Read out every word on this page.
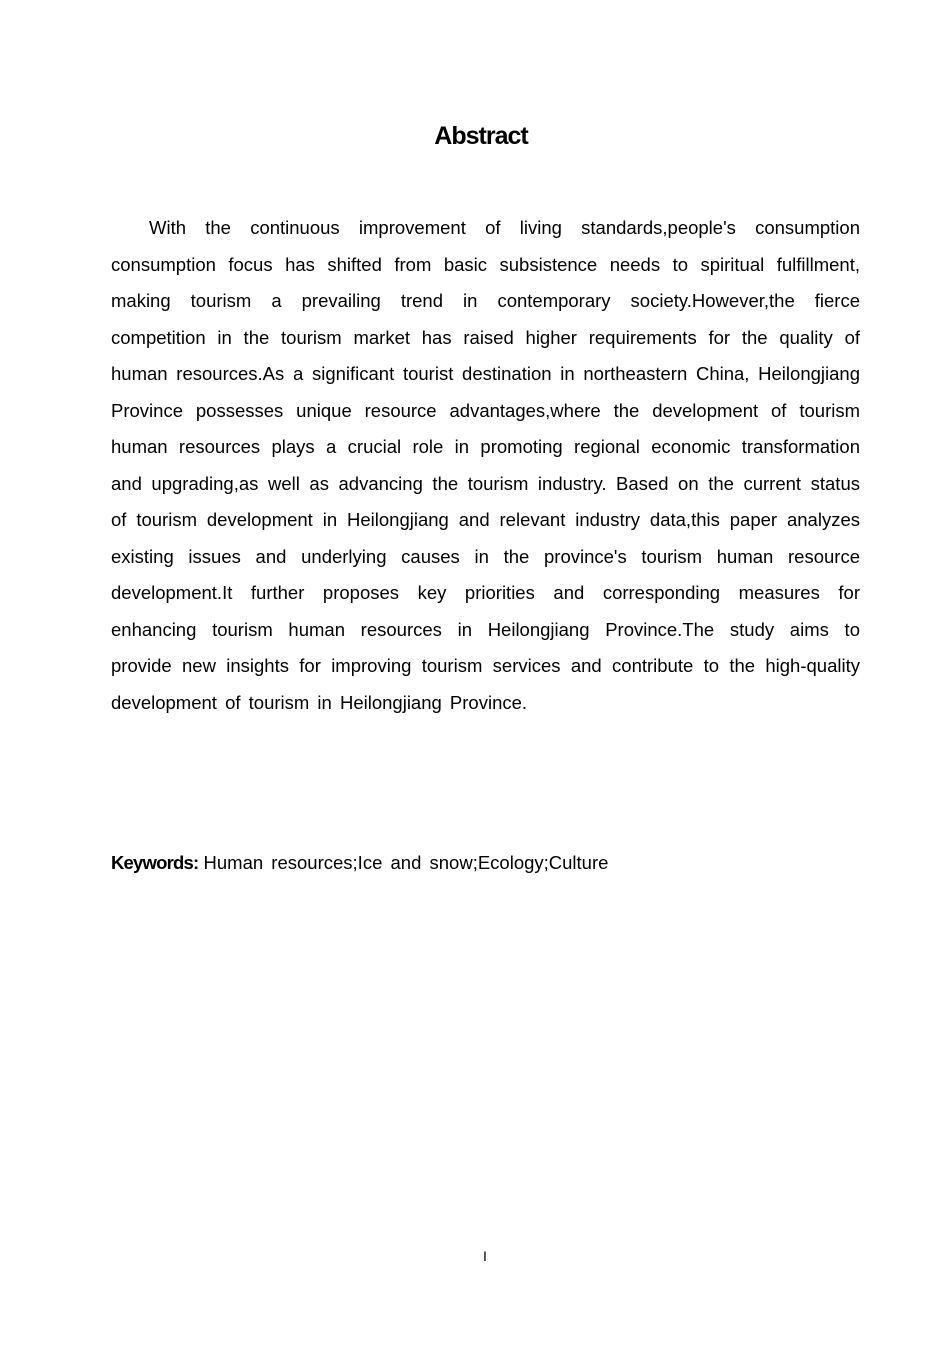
Abstract

With the continuous improvement of living standards,people's consumption consumption focus has shifted from basic subsistence needs to spiritual fulfillment, making tourism a prevailing trend in contemporary society.However,the fierce competition in the tourism market has raised higher requirements for the quality of human resources.As a significant tourist destination in northeastern China, Heilongjiang Province possesses unique resource advantages,where the development of tourism human resources plays a crucial role in promoting regional economic transformation and upgrading,as well as advancing the tourism industry. Based on the current status of tourism development in Heilongjiang and relevant industry data,this paper analyzes existing issues and underlying causes in the province's tourism human resource development.It further proposes key priorities and corresponding measures for enhancing tourism human resources in Heilongjiang Province.The study aims to provide new insights for improving tourism services and contribute to the high-quality development of tourism in Heilongjiang Province.

Keywords: Human resources;Ice and snow;Ecology;Culture

I
